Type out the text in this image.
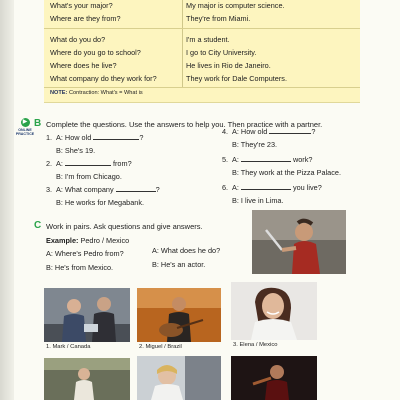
What's your major?	My major is computer science.
Where are they from?	They're from Miami.
What do you do?	I'm a student.
Where do you go to school?	I go to City University.
Where does he live?	He lives in Rio de Janeiro.
What company do they work for?	They work for Dale Computers.
NOTE: Contraction: What's = What is
▶
ONLINE PRACTICE
B Complete the questions. Use the answers to help you. Then practice with a partner.
1. A: How old	?
B: She's 19.
2. A:	from?
B: I'm from Chicago.
3. A: What company	?
B: He works for Megabank.
4. A: How old	?
B: They're 23.
5. A:	work?
B: They work at the Pizza Palace.
6. A:	you live?
B: I live in Lima.
C Work in pairs. Ask questions and give answers.
Example: Pedro / Mexico
A: Where's Pedro from?
B: He's from Mexico.
A: What does he do?
B: He's an actor.
1. Mark / Canada	2. Miguel / Brazil	3. Elena / Mexico
